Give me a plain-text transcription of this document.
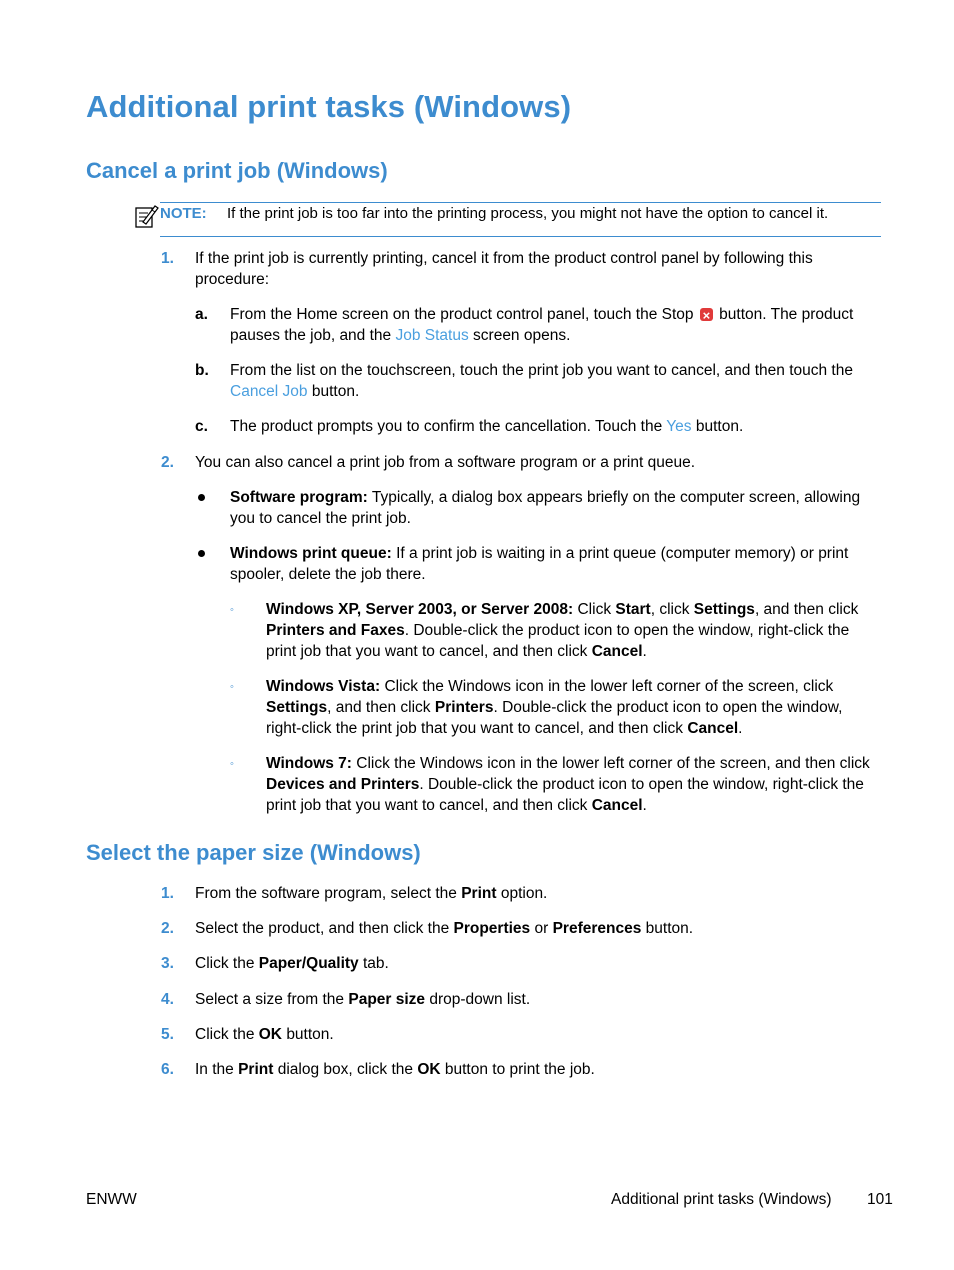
Additional print tasks (Windows)
Cancel a print job (Windows)
NOTE: If the print job is too far into the printing process, you might not have the option to cancel it.
1. If the print job is currently printing, cancel it from the product control panel by following this procedure:
a. From the Home screen on the product control panel, touch the Stop × button. The product pauses the job, and the Job Status screen opens.
b. From the list on the touchscreen, touch the print job you want to cancel, and then touch the Cancel Job button.
c. The product prompts you to confirm the cancellation. Touch the Yes button.
2. You can also cancel a print job from a software program or a print queue.
Software program: Typically, a dialog box appears briefly on the computer screen, allowing you to cancel the print job.
Windows print queue: If a print job is waiting in a print queue (computer memory) or print spooler, delete the job there.
◦ Windows XP, Server 2003, or Server 2008: Click Start, click Settings, and then click Printers and Faxes. Double-click the product icon to open the window, right-click the print job that you want to cancel, and then click Cancel.
◦ Windows Vista: Click the Windows icon in the lower left corner of the screen, click Settings, and then click Printers. Double-click the product icon to open the window, right-click the print job that you want to cancel, and then click Cancel.
◦ Windows 7: Click the Windows icon in the lower left corner of the screen, and then click Devices and Printers. Double-click the product icon to open the window, right-click the print job that you want to cancel, and then click Cancel.
Select the paper size (Windows)
1. From the software program, select the Print option.
2. Select the product, and then click the Properties or Preferences button.
3. Click the Paper/Quality tab.
4. Select a size from the Paper size drop-down list.
5. Click the OK button.
6. In the Print dialog box, click the OK button to print the job.
ENWW	Additional print tasks (Windows) 101
